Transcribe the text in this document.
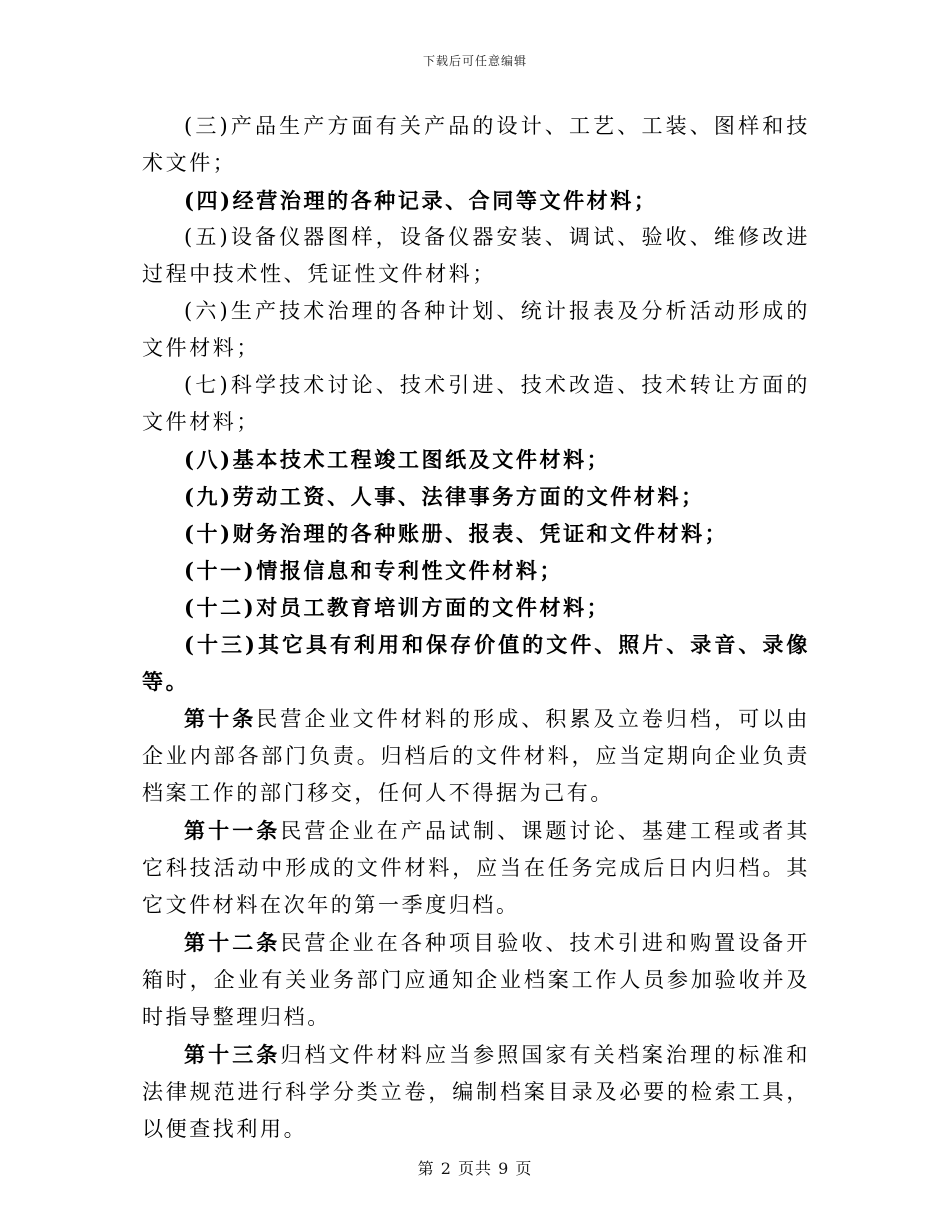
下载后可任意编辑

(三)产品生产方面有关产品的设计、工艺、工装、图样和技术文件；

(四)经营治理的各种记录、合同等文件材料；

(五)设备仪器图样，设备仪器安装、调试、验收、维修改进过程中技术性、凭证性文件材料；

(六)生产技术治理的各种计划、统计报表及分析活动形成的文件材料；

(七)科学技术讨论、技术引进、技术改造、技术转让方面的文件材料；

(八)基本技术工程竣工图纸及文件材料；

(九)劳动工资、人事、法律事务方面的文件材料；

(十)财务治理的各种账册、报表、凭证和文件材料；

(十一)情报信息和专利性文件材料；

(十二)对员工教育培训方面的文件材料；

(十三)其它具有利用和保存价值的文件、照片、录音、录像等。

第十条民营企业文件材料的形成、积累及立卷归档，可以由企业内部各部门负责。归档后的文件材料，应当定期向企业负责档案工作的部门移交，任何人不得据为己有。

第十一条民营企业在产品试制、课题讨论、基建工程或者其它科技活动中形成的文件材料，应当在任务完成后日内归档。其它文件材料在次年的第一季度归档。

第十二条民营企业在各种项目验收、技术引进和购置设备开箱时，企业有关业务部门应通知企业档案工作人员参加验收并及时指导整理归档。

第十三条归档文件材料应当参照国家有关档案治理的标准和法律规范进行科学分类立卷，编制档案目录及必要的检索工具，以便查找利用。

第 2 页共 9 页
